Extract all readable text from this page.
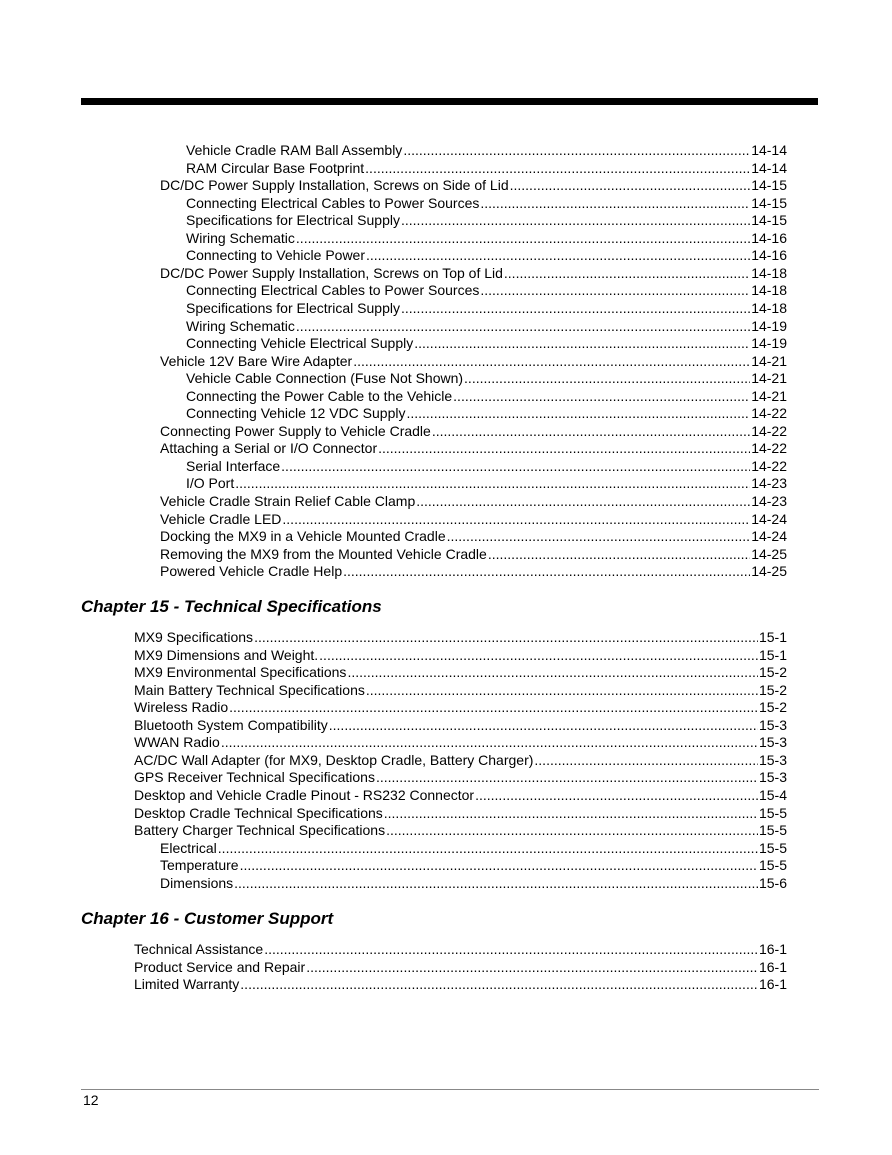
Vehicle Cradle RAM Ball Assembly .....	14-14
RAM Circular Base Footprint .....	14-14
DC/DC Power Supply Installation, Screws on Side of Lid .....	14-15
Connecting Electrical Cables to Power Sources .....	14-15
Specifications for Electrical Supply .....	14-15
Wiring Schematic .....	14-16
Connecting to Vehicle Power .....	14-16
DC/DC Power Supply Installation, Screws on Top of Lid .....	14-18
Connecting Electrical Cables to Power Sources .....	14-18
Specifications for Electrical Supply .....	14-18
Wiring Schematic .....	14-19
Connecting Vehicle Electrical Supply .....	14-19
Vehicle 12V Bare Wire Adapter .....	14-21
Vehicle Cable Connection (Fuse Not Shown) .....	14-21
Connecting the Power Cable to the Vehicle .....	14-21
Connecting Vehicle 12 VDC Supply .....	14-22
Connecting Power Supply to Vehicle Cradle .....	14-22
Attaching a Serial or I/O Connector .....	14-22
Serial Interface .....	14-22
I/O Port .....	14-23
Vehicle Cradle Strain Relief Cable Clamp .....	14-23
Vehicle Cradle LED .....	14-24
Docking the MX9 in a Vehicle Mounted Cradle .....	14-24
Removing the MX9 from the Mounted Vehicle Cradle .....	14-25
Powered Vehicle Cradle Help .....	14-25
Chapter 15 - Technical Specifications
MX9 Specifications .....	15-1
MX9 Dimensions and Weight. .....	15-1
MX9 Environmental Specifications .....	15-2
Main Battery Technical Specifications .....	15-2
Wireless Radio .....	15-2
Bluetooth System Compatibility .....	15-3
WWAN Radio .....	15-3
AC/DC Wall Adapter (for MX9, Desktop Cradle, Battery Charger) .....	15-3
GPS Receiver Technical Specifications .....	15-3
Desktop and Vehicle Cradle Pinout - RS232 Connector .....	15-4
Desktop Cradle Technical Specifications .....	15-5
Battery Charger Technical Specifications .....	15-5
Electrical .....	15-5
Temperature .....	15-5
Dimensions .....	15-6
Chapter 16 - Customer Support
Technical Assistance .....	16-1
Product Service and Repair .....	16-1
Limited Warranty .....	16-1
12
